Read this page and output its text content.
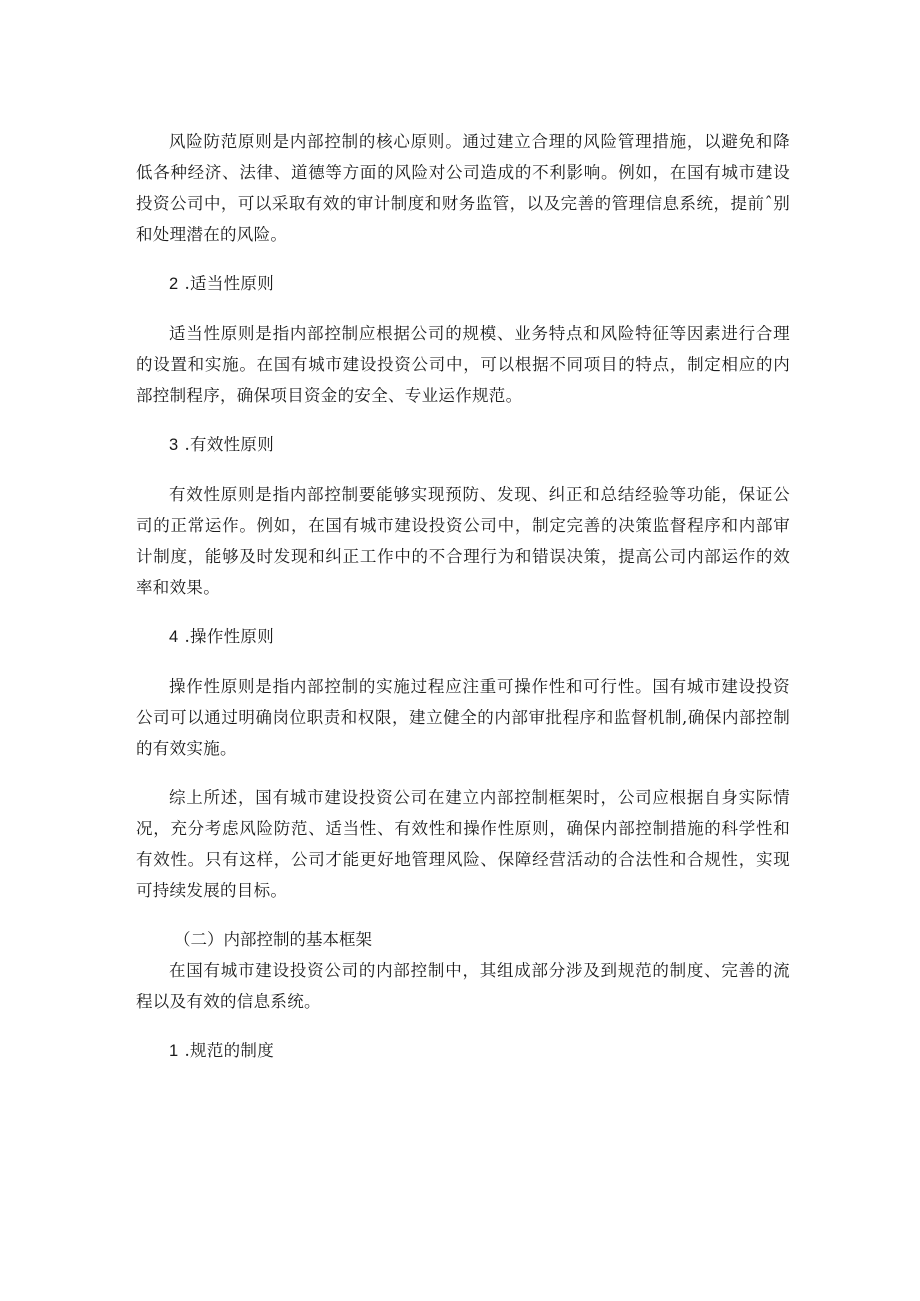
风险防范原则是内部控制的核心原则。通过建立合理的风险管理措施，以避免和降低各种经济、法律、道德等方面的风险对公司造成的不利影响。例如，在国有城市建设投资公司中，可以采取有效的审计制度和财务监管，以及完善的管理信息系统，提前ˆ别和处理潜在的风险。

2 .适当性原则

适当性原则是指内部控制应根据公司的规模、业务特点和风险特征等因素进行合理的设置和实施。在国有城市建设投资公司中，可以根据不同项目的特点，制定相应的内部控制程序，确保项目资金的安全、专业运作规范。

3 .有效性原则

有效性原则是指内部控制要能够实现预防、发现、纠正和总结经验等功能，保证公司的正常运作。例如，在国有城市建设投资公司中，制定完善的决策监督程序和内部审计制度，能够及时发现和纠正工作中的不合理行为和错误决策，提高公司内部运作的效率和效果。

4 .操作性原则

操作性原则是指内部控制的实施过程应注重可操作性和可行性。国有城市建设投资公司可以通过明确岗位职责和权限，建立健全的内部审批程序和监督机制,确保内部控制的有效实施。

综上所述，国有城市建设投资公司在建立内部控制框架时，公司应根据自身实际情况，充分考虑风险防范、适当性、有效性和操作性原则，确保内部控制措施的科学性和有效性。只有这样，公司才能更好地管理风险、保障经营活动的合法性和合规性，实现可持续发展的目标。

（二）内部控制的基本框架

在国有城市建设投资公司的内部控制中，其组成部分涉及到规范的制度、完善的流程以及有效的信息系统。

1 .规范的制度
